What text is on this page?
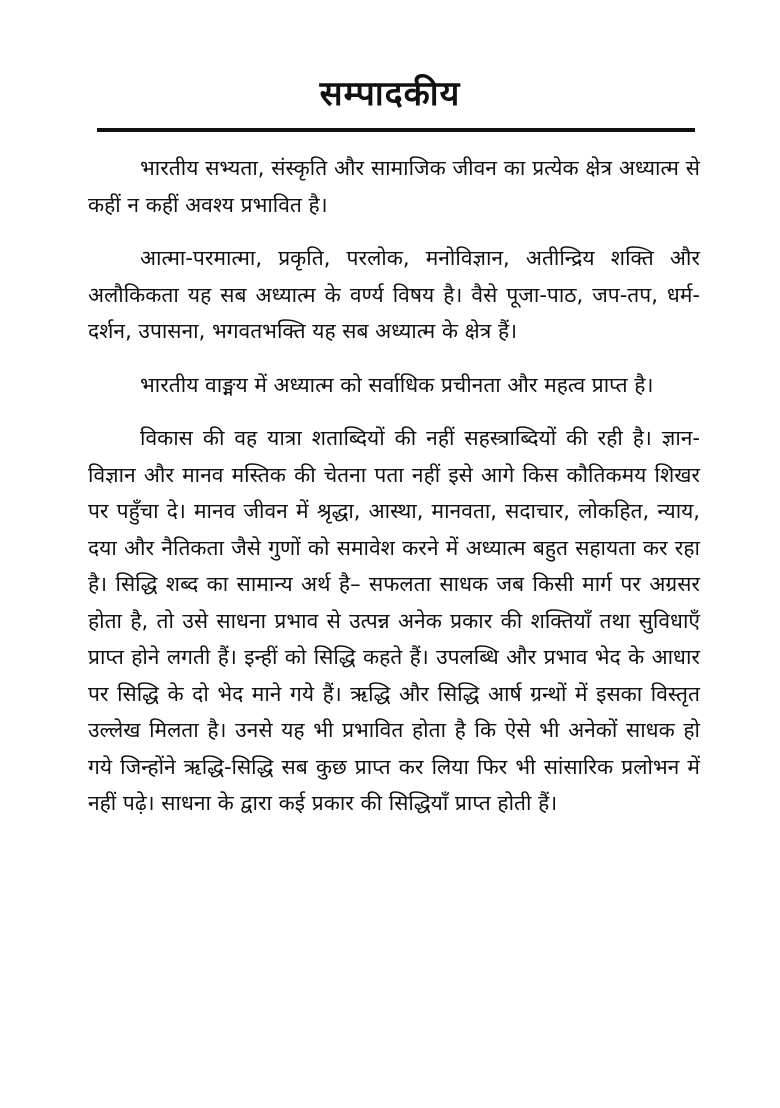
सम्पादकीय

भारतीय सभ्यता, संस्कृति और सामाजिक जीवन का प्रत्येक क्षेत्र अध्यात्म से कहीं न कहीं अवश्य प्रभावित है।

आत्मा-परमात्मा, प्रकृति, परलोक, मनोविज्ञान, अतीन्द्रिय शक्ति और अलौकिकता यह सब अध्यात्म के वर्ण्य विषय है। वैसे पूजा-पाठ, जप-तप, धर्म-दर्शन, उपासना, भगवतभक्ति यह सब अध्यात्म के क्षेत्र हैं।

भारतीय वाङ्मय में अध्यात्म को सर्वाधिक प्रचीनता और महत्व प्राप्त है।

विकास की वह यात्रा शताब्दियों की नहीं सहस्त्राब्दियों की रही है। ज्ञान-विज्ञान और मानव मस्तिक की चेतना पता नहीं इसे आगे किस कौतिकमय शिखर पर पहुँचा दे। मानव जीवन में श्रृद्धा, आस्था, मानवता, सदाचार, लोकहित, न्याय, दया और नैतिकता जैसे गुणों को समावेश करने में अध्यात्म बहुत सहायता कर रहा है। सिद्धि शब्द का सामान्य अर्थ है– सफलता साधक जब किसी मार्ग पर अग्रसर होता है, तो उसे साधना प्रभाव से उत्पन्न अनेक प्रकार की शक्तियाँ तथा सुविधाएँ प्राप्त होने लगती हैं। इन्हीं को सिद्धि कहते हैं। उपलब्धि और प्रभाव भेद के आधार पर सिद्धि के दो भेद माने गये हैं। ऋद्धि और सिद्धि आर्ष ग्रन्थों में इसका विस्तृत उल्लेख मिलता है। उनसे यह भी प्रभावित होता है कि ऐसे भी अनेकों साधक हो गये जिन्होंने ऋद्धि-सिद्धि सब कुछ प्राप्त कर लिया फिर भी सांसारिक प्रलोभन में नहीं पढ़े। साधना के द्वारा कई प्रकार की सिद्धियाँ प्राप्त होती हैं।
